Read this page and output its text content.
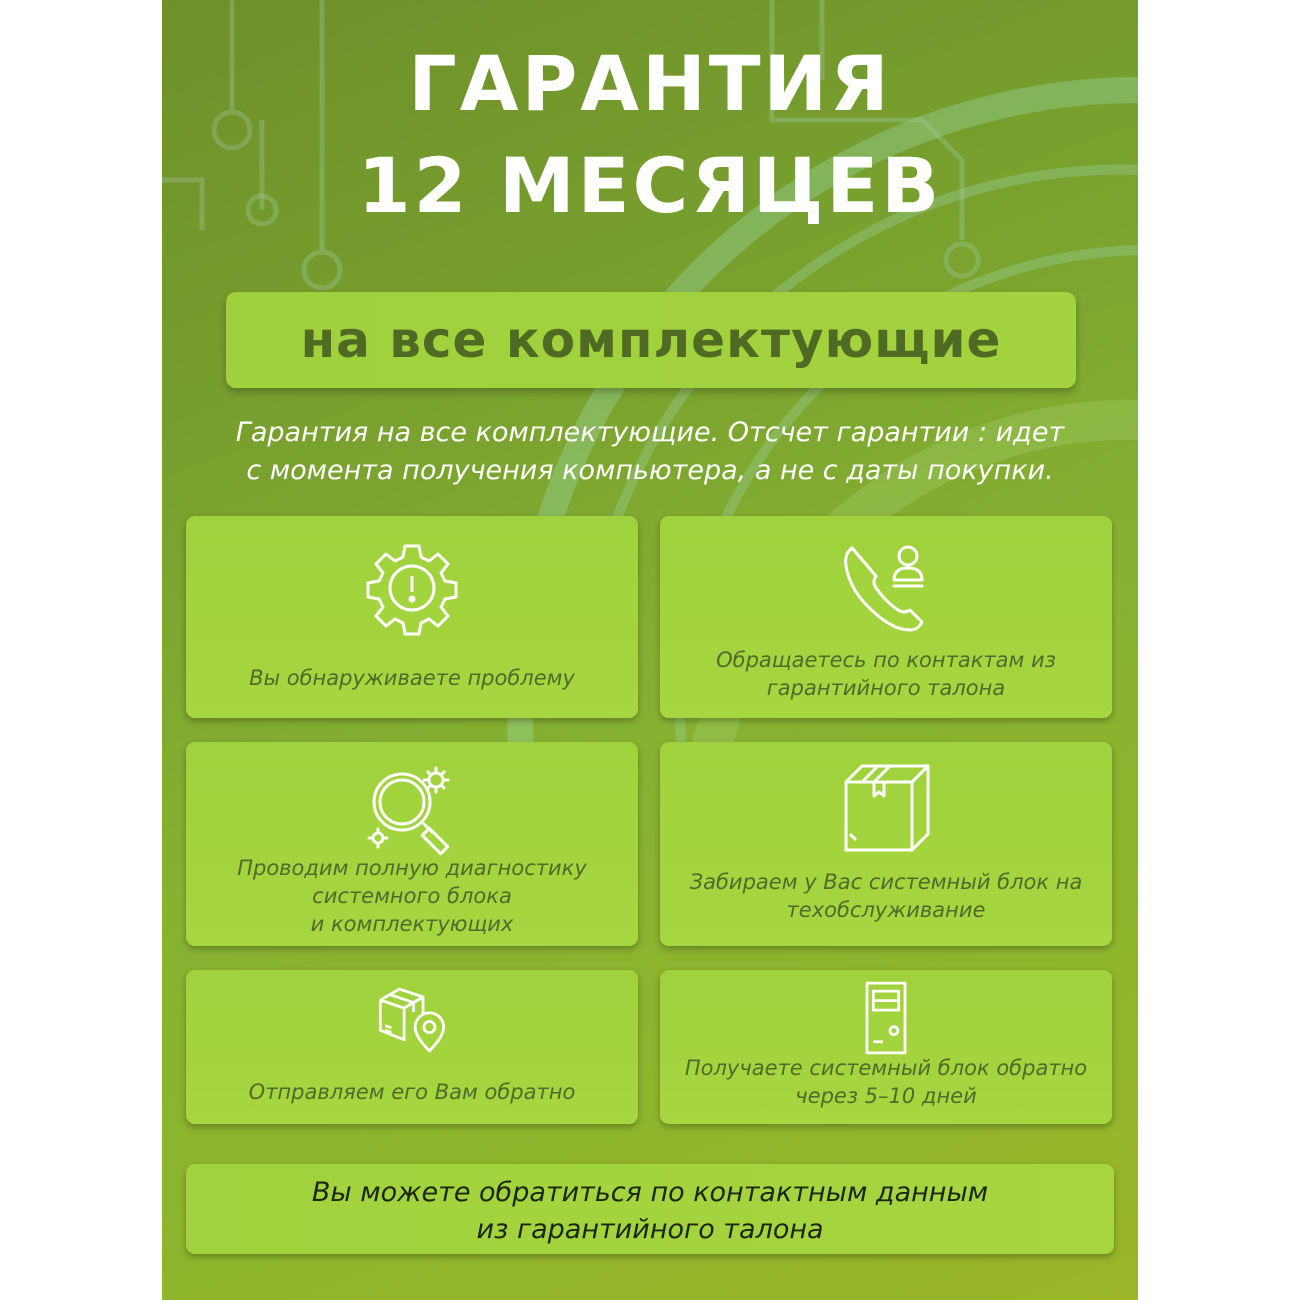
ГАРАНТИЯ
12 МЕСЯЦЕВ
на все комплектующие
Гарантия на все комплектующие. Отсчет гарантии : идет
с момента получения компьютера, а не с даты покупки.
Вы обнаруживаете проблему
Обращаетесь по контактам из
гарантийного талона
Проводим полную диагностику
системного блока
и комплектующих
Забираем у Вас системный блок на
техобслуживание
Отправляем его Вам обратно
Получаете системный блок обратно
через 5–10 дней
Вы можете обратиться по контактным данным
из гарантийного талона
